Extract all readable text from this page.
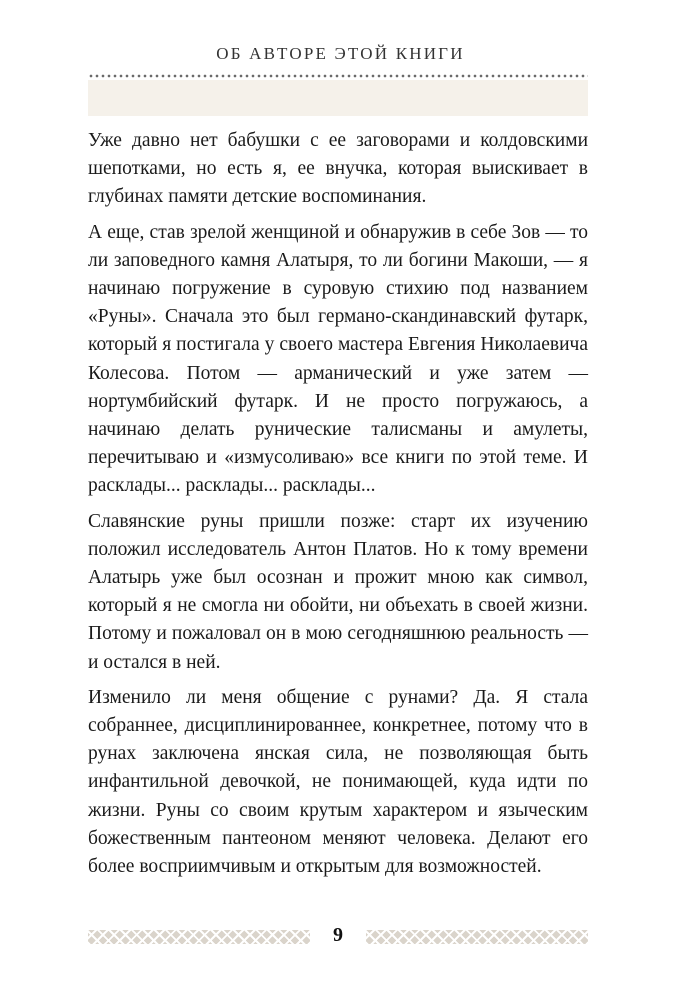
ОБ АВТОРЕ ЭТОЙ КНИГИ

Уже давно нет бабушки с ее заговорами и колдовскими шепотками, но есть я, ее внучка, которая выискивает в глубинах памяти детские воспоминания.

А еще, став зрелой женщиной и обнаружив в себе Зов — то ли заповедного камня Алатыря, то ли богини Макоши, — я начинаю погружение в суровую стихию под названием «Руны». Сначала это был германо-скандинавский футарк, который я постигала у своего мастера Евгения Николаевича Колесова. Потом — арманический и уже затем — нортумбийский футарк. И не просто погружаюсь, а начинаю делать рунические талисманы и амулеты, перечитываю и «измусоливаю» все книги по этой теме. И расклады... расклады... расклады...

Славянские руны пришли позже: старт их изучению положил исследователь Антон Платов. Но к тому времени Алатырь уже был осознан и прожит мною как символ, который я не смогла ни обойти, ни объехать в своей жизни. Потому и пожаловал он в мою сегодняшнюю реальность — и остался в ней.

Изменило ли меня общение с рунами? Да. Я стала собраннее, дисциплинированнее, конкретнее, потому что в рунах заключена янская сила, не позволяющая быть инфантильной девочкой, не понимающей, куда идти по жизни. Руны со своим крутым характером и языческим божественным пантеоном меняют человека. Делают его более восприимчивым и открытым для возможностей.

9
